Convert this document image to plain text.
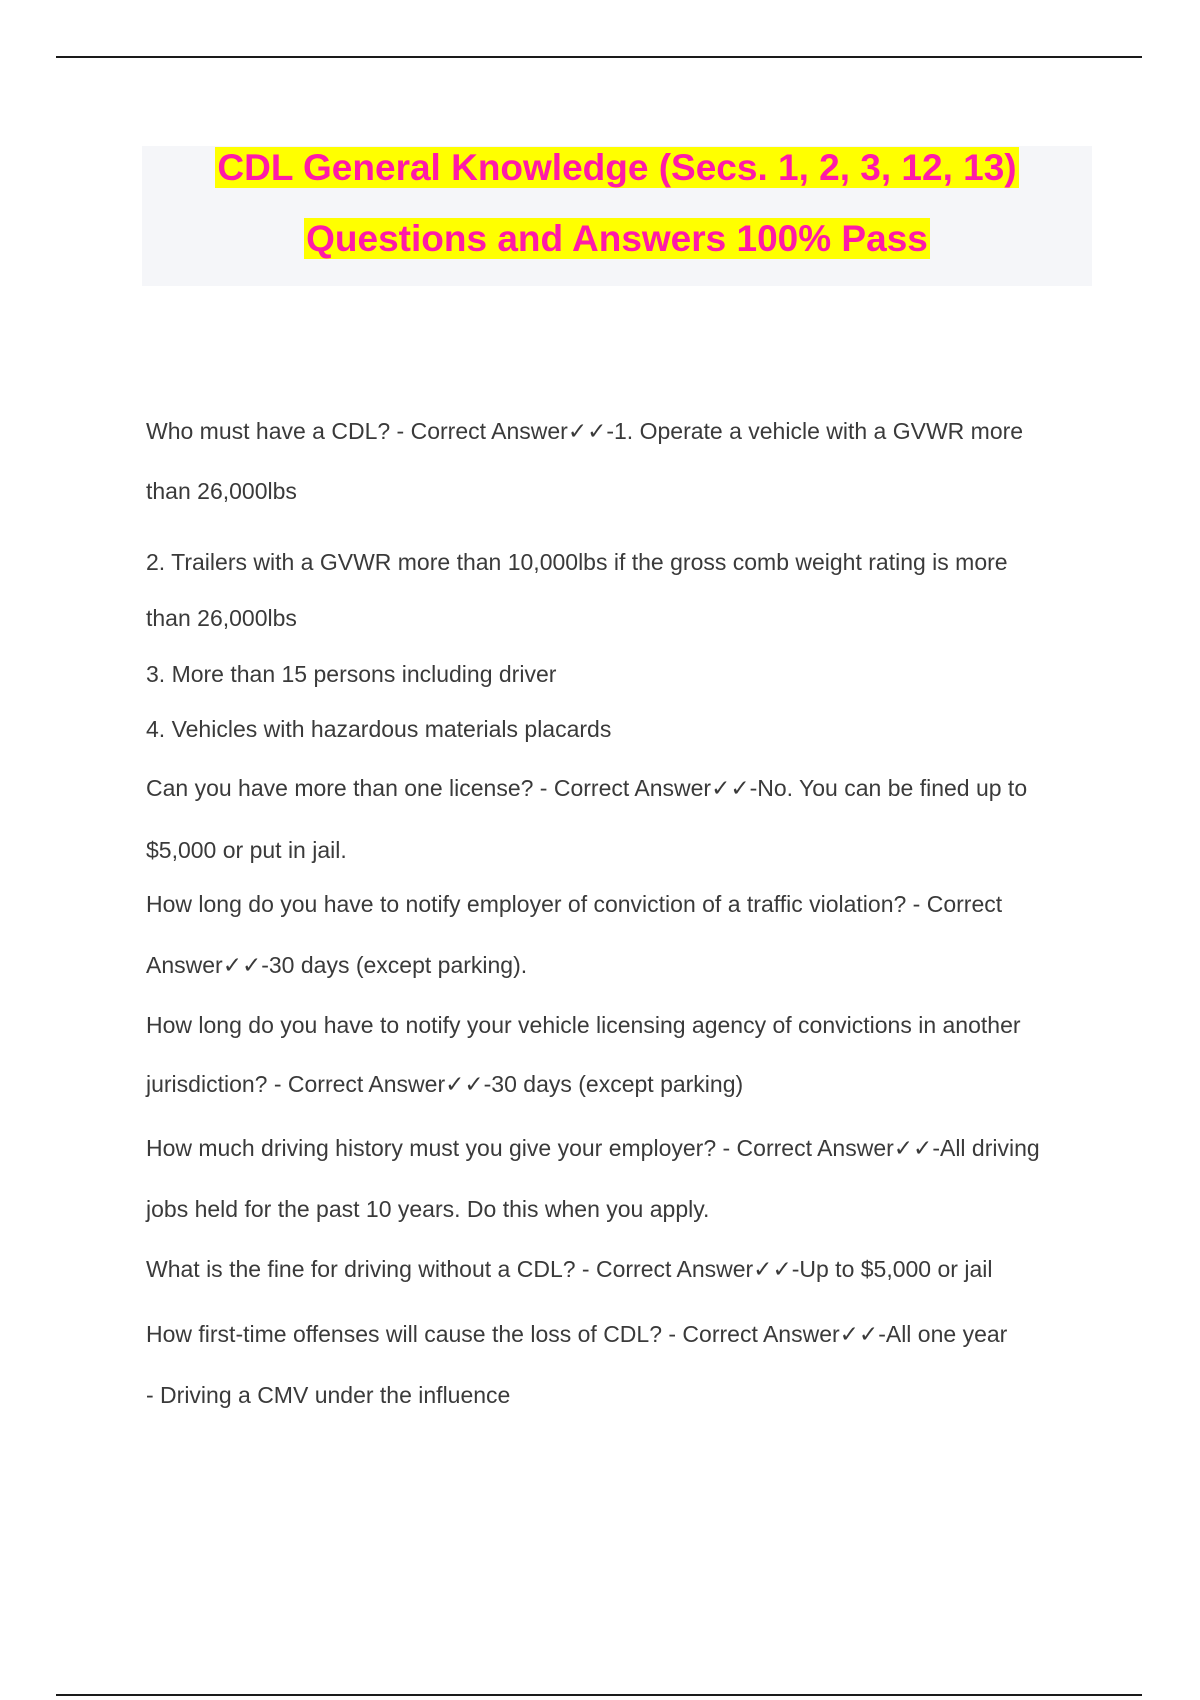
CDL General Knowledge (Secs. 1, 2, 3, 12, 13)
Questions and Answers 100% Pass
Who must have a CDL? - Correct Answer✓✓-1. Operate a vehicle with a GVWR more
than 26,000lbs
2. Trailers with a GVWR more than 10,000lbs if the gross comb weight rating is more
than 26,000lbs
3. More than 15 persons including driver
4. Vehicles with hazardous materials placards
Can you have more than one license? - Correct Answer✓✓-No. You can be fined up to
$5,000 or put in jail.
How long do you have to notify employer of conviction of a traffic violation? - Correct
Answer✓✓-30 days (except parking).
How long do you have to notify your vehicle licensing agency of convictions in another
jurisdiction? - Correct Answer✓✓-30 days (except parking)
How much driving history must you give your employer? - Correct Answer✓✓-All driving
jobs held for the past 10 years. Do this when you apply.
What is the fine for driving without a CDL? - Correct Answer✓✓-Up to $5,000 or jail
How first-time offenses will cause the loss of CDL? - Correct Answer✓✓-All one year
- Driving a CMV under the influence
